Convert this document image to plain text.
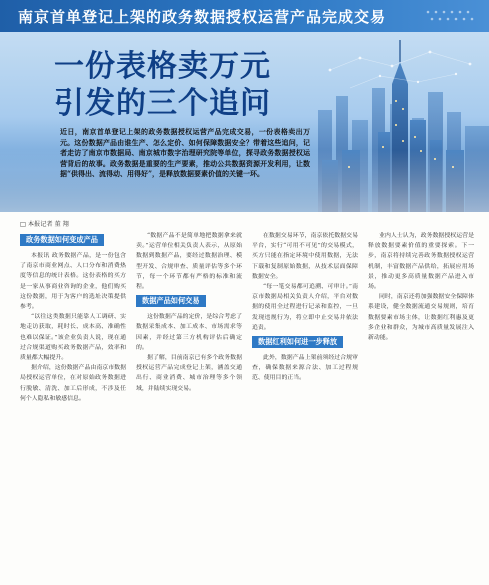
南京首单登记上架的政务数据授权运营产品完成交易
一份表格卖万元
引发的三个追问
近日，南京首单登记上架的政务数据授权运营产品完成交易，一份表格卖出万元。这份数据产品由谁生产、怎么定价、如何保障数据安全？带着这些追问，记者走访了南京市数据局、南京城市数字治理研究院等单位，探寻政务数据授权运营背后的故事。政务数据是重要的生产要素，推动公共数据资源开发利用，让数据“供得出、流得动、用得好”，是释放数据要素价值的关键一环。
□ 本报记者 董 翔
政务数据如何变成产品

本报讯 政务数据产品，是一份包含了南京市商业网点、人口分布和消费热度等信息的统计表格。这份表格的买方是一家从事商业咨询的企业，他们购买这份数据，用于为客户的选址决策提供参考。

“以往这类数据只能靠人工调研、实地走访获取，耗时长、成本高、准确性也难以保证。”该企业负责人说，现在通过合规渠道购买政务数据产品，效率和质量都大幅提升。

据介绍，这份数据产品由南京市数据局授权运营单位，在对原始政务数据进行脱敏、清洗、加工后形成，不涉及任何个人隐私和敏感信息。

“数据产品不是简单地把数据拿来就卖。”运营单位相关负责人表示，从原始数据到数据产品，要经过数据治理、模型开发、合规审查、质量评估等多个环节，每一个环节都有严格的标准和流程。

数据产品如何交易

这份数据产品的定价，是综合考虑了数据采集成本、加工成本、市场需求等因素，并经过第三方机构评估后确定的。

据了解，目前南京已有多个政务数据授权运营产品完成登记上架，涵盖交通出行、商业消费、城市治理等多个领域，并陆续实现交易。

在数据交易环节，南京依托数据交易平台，实行“可用不可见”的交易模式，买方只能在指定环境中使用数据，无法下载和复制原始数据，从技术层面保障数据安全。

“每一笔交易都可追溯、可审计。”南京市数据局相关负责人介绍，平台对数据的使用全过程进行记录和监控，一旦发现违规行为，将立即中止交易并依法追责。

数据红利如何进一步释放

此外，数据产品上架前须经过合规审查，确保数据来源合法、加工过程规范、使用目的正当。

业内人士认为，政务数据授权运营是释放数据要素价值的重要探索。下一步，南京将持续完善政务数据授权运营机制，丰富数据产品供给，拓展应用场景，推动更多高质量数据产品进入市场。

同时，南京还将加强数据安全保障体系建设，健全数据流通交易规则，培育数据要素市场主体，让数据红利惠及更多企业和群众，为城市高质量发展注入新动能。
